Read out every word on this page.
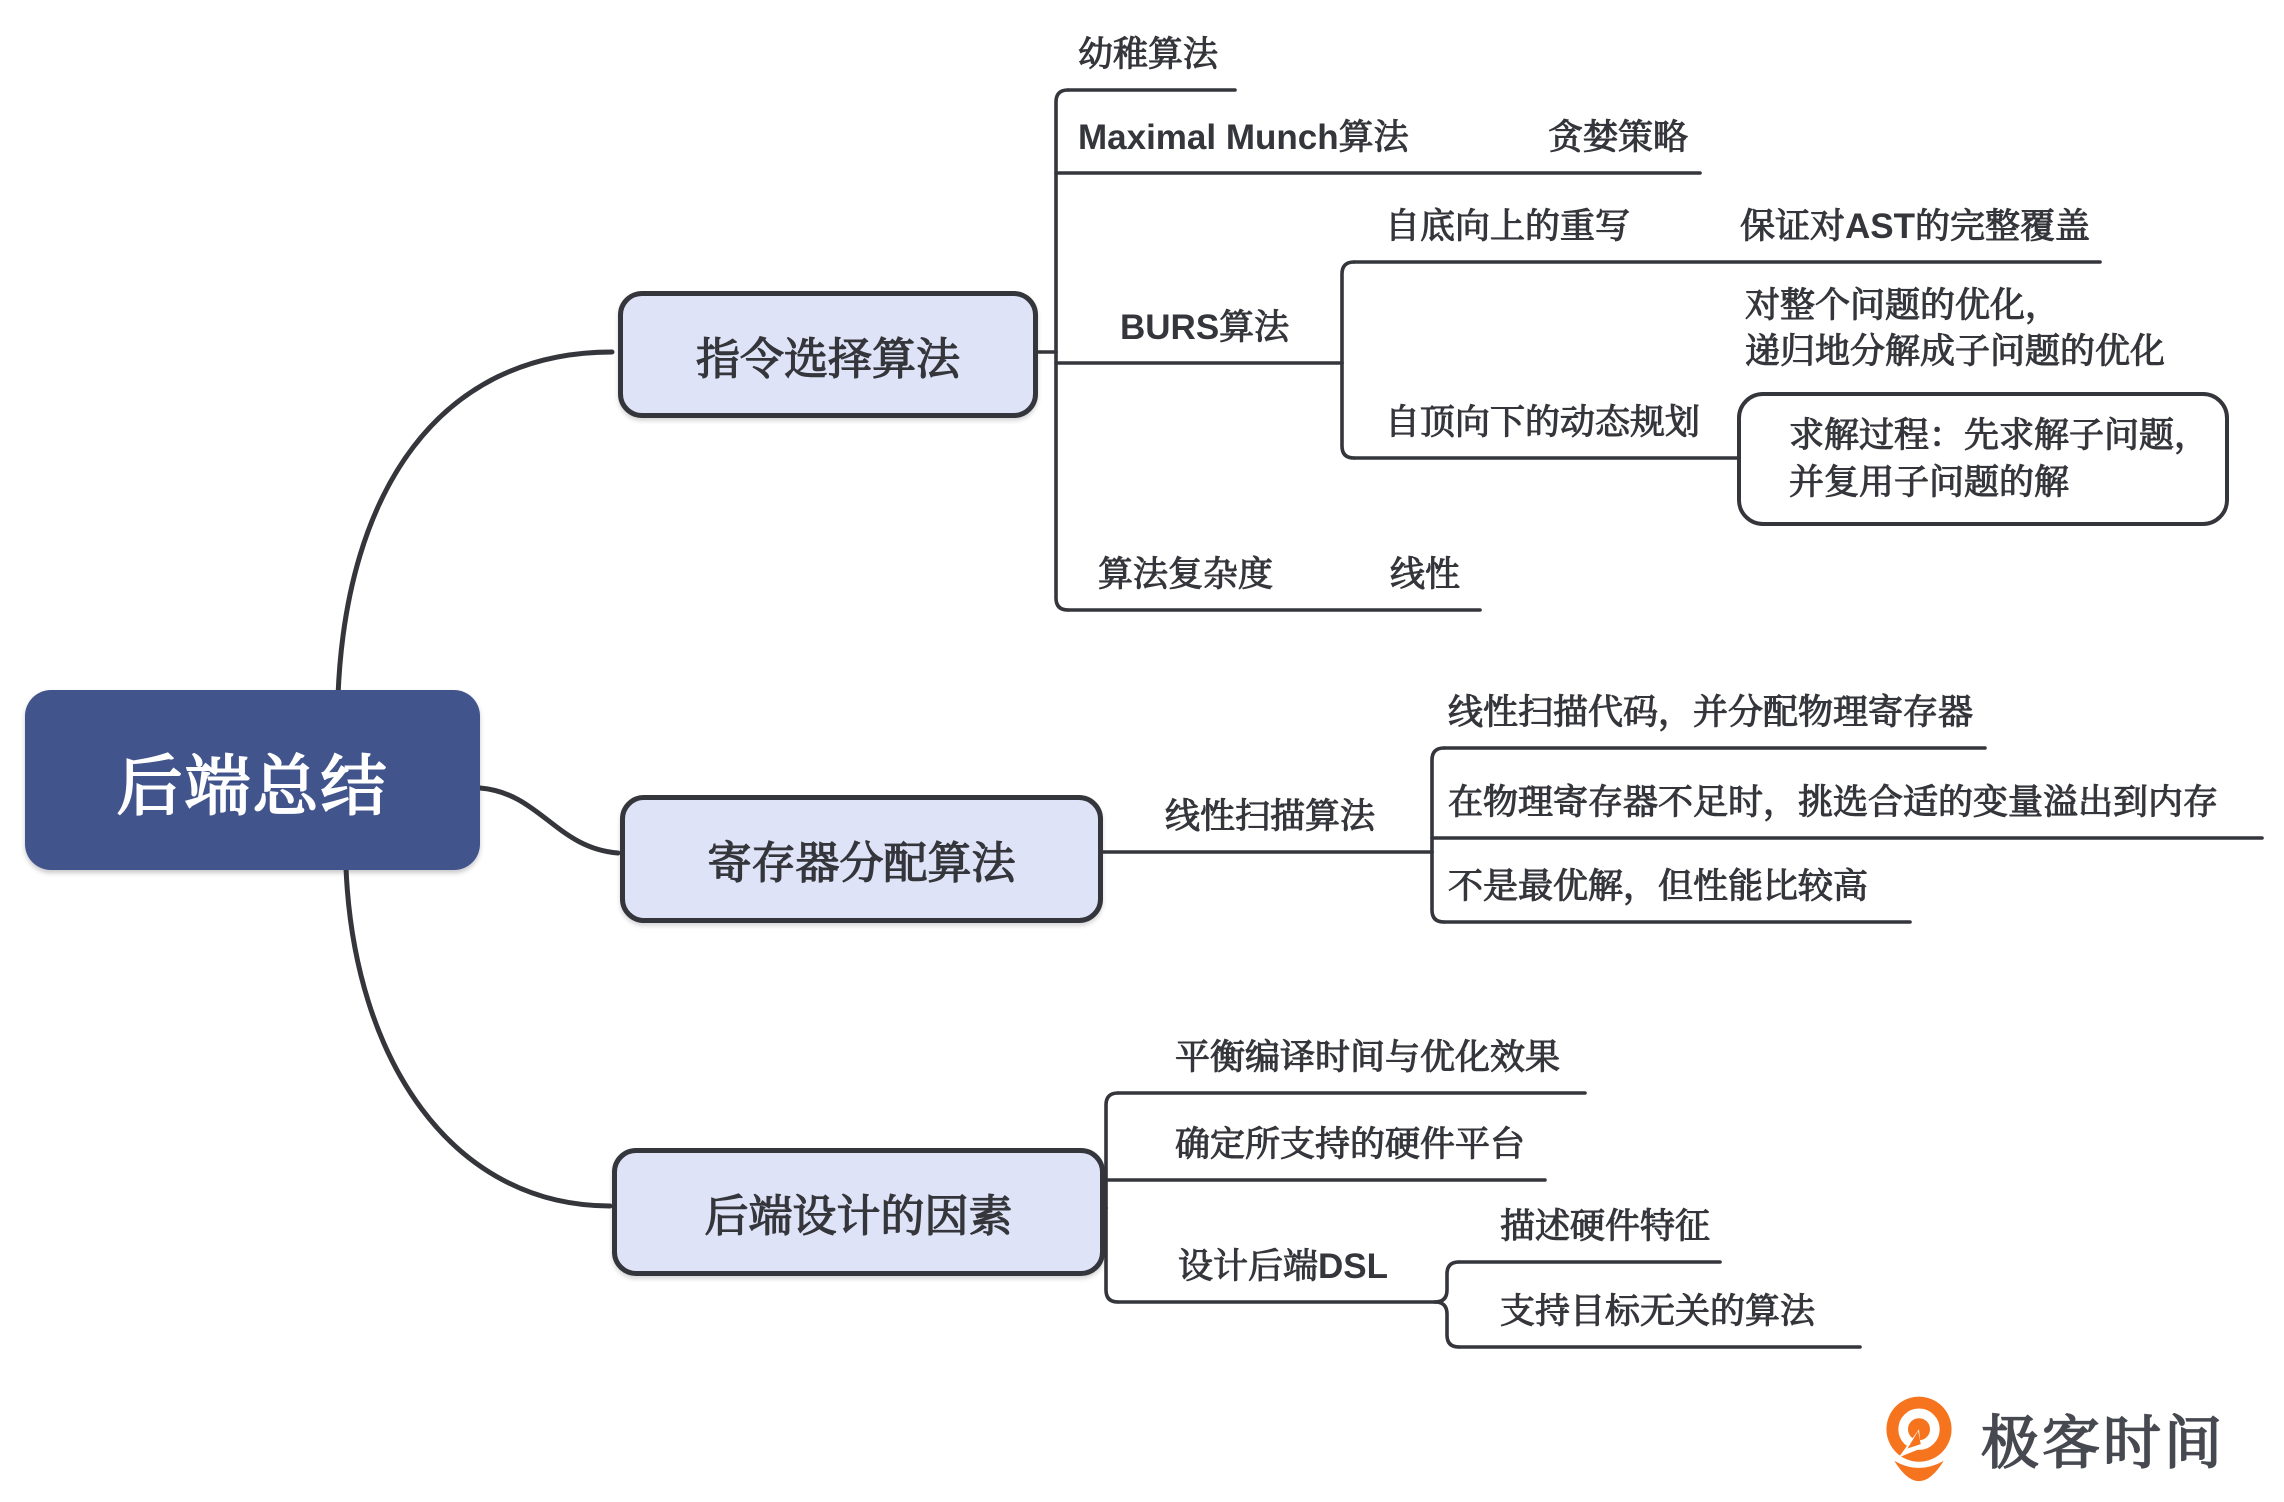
后端总结
指令选择算法
寄存器分配算法
后端设计的因素
幼稚算法
Maximal Munch算法	贪婪策略
自底向上的重写	保证对AST的完整覆盖
BURS算法
自顶向下的动态规划
算法复杂度	线性
对整个问题的优化，
递归地分解成子问题的优化
求解过程：先求解子问题，
并复用子问题的解
线性扫描算法
线性扫描代码，并分配物理寄存器
在物理寄存器不足时，挑选合适的变量溢出到内存
不是最优解，但性能比较高
平衡编译时间与优化效果
确定所支持的硬件平台
设计后端DSL
描述硬件特征
支持目标无关的算法
极客时间
